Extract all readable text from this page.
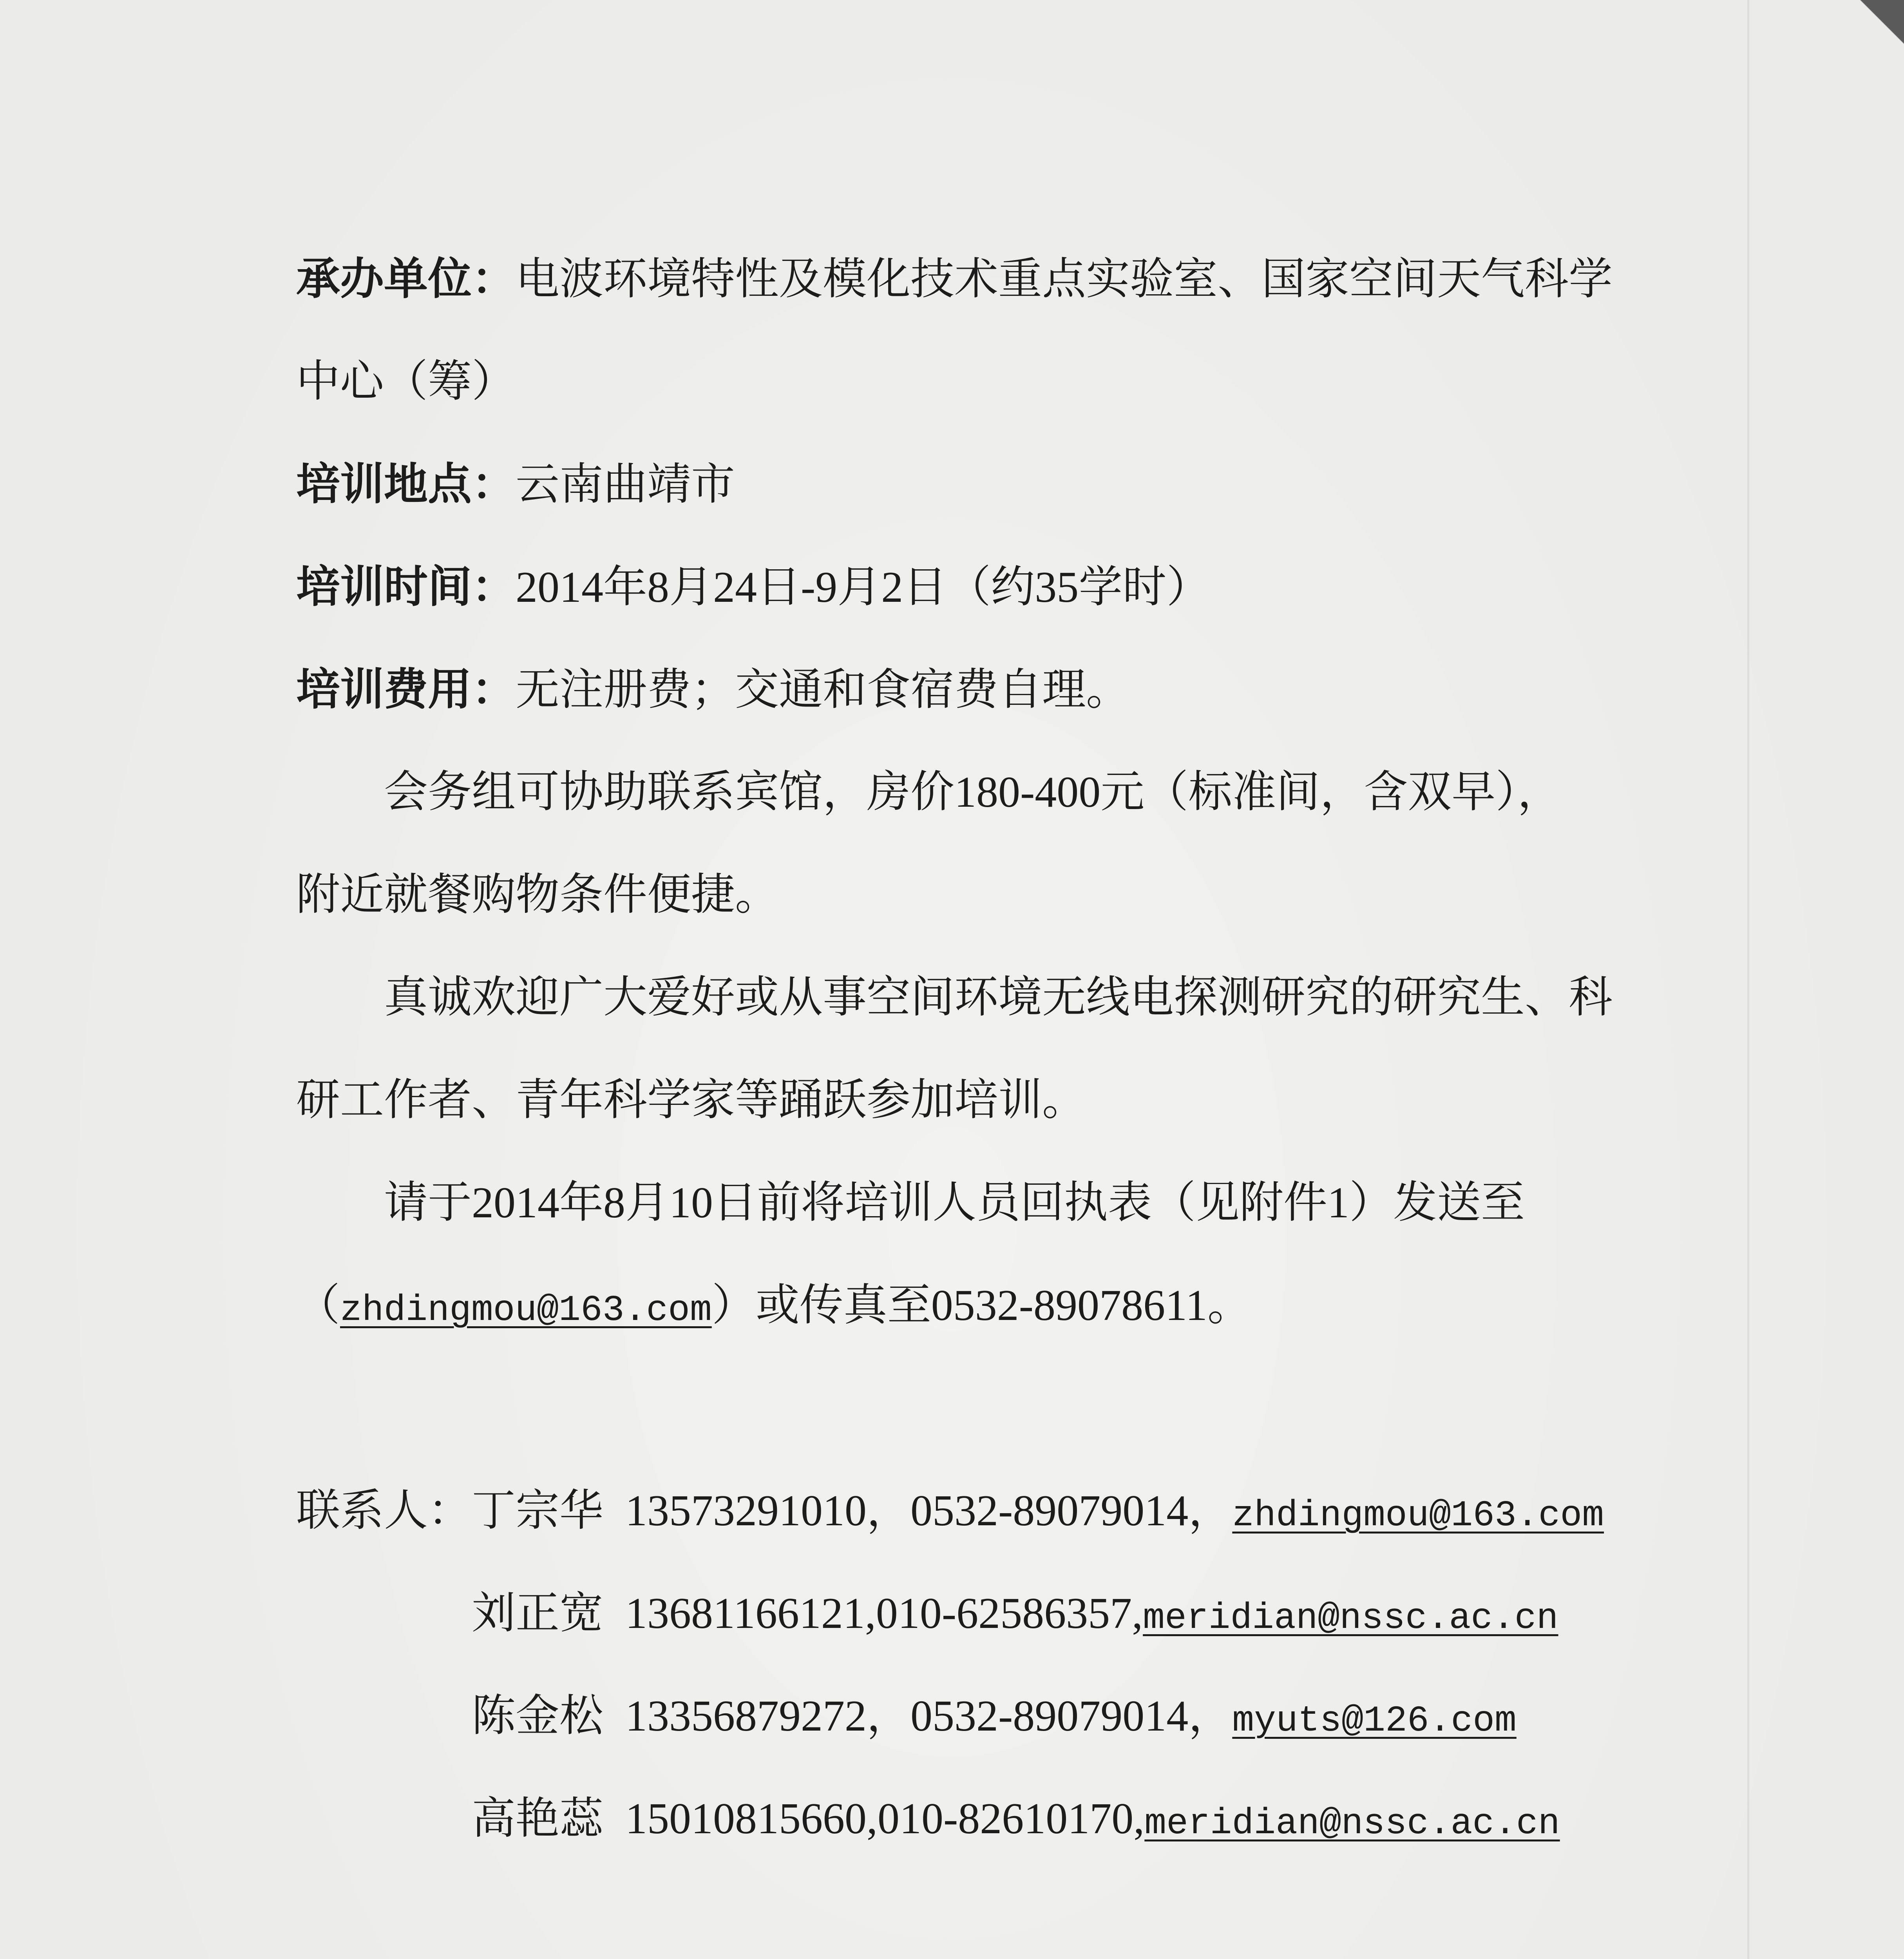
承办单位：电波环境特性及模化技术重点实验室、国家空间天气科学
中心（筹）
培训地点：云南曲靖市
培训时间：2014年8月24日-9月2日（约35学时）
培训费用：无注册费；交通和食宿费自理。
会务组可协助联系宾馆，房价180-400元（标准间，含双早），
附近就餐购物条件便捷。
真诚欢迎广大爱好或从事空间环境无线电探测研究的研究生、科
研工作者、青年科学家等踊跃参加培训。
请于2014年8月10日前将培训人员回执表（见附件1）发送至
（zhdingmou@163.com）或传真至0532-89078611。
联系人：丁宗华 13573291010，0532-89079014，zhdingmou@163.com
刘正宽 13681166121,010-62586357,meridian@nssc.ac.cn
陈金松 13356879272，0532-89079014，myuts@126.com
高艳蕊 15010815660,010-82610170,meridian@nssc.ac.cn
